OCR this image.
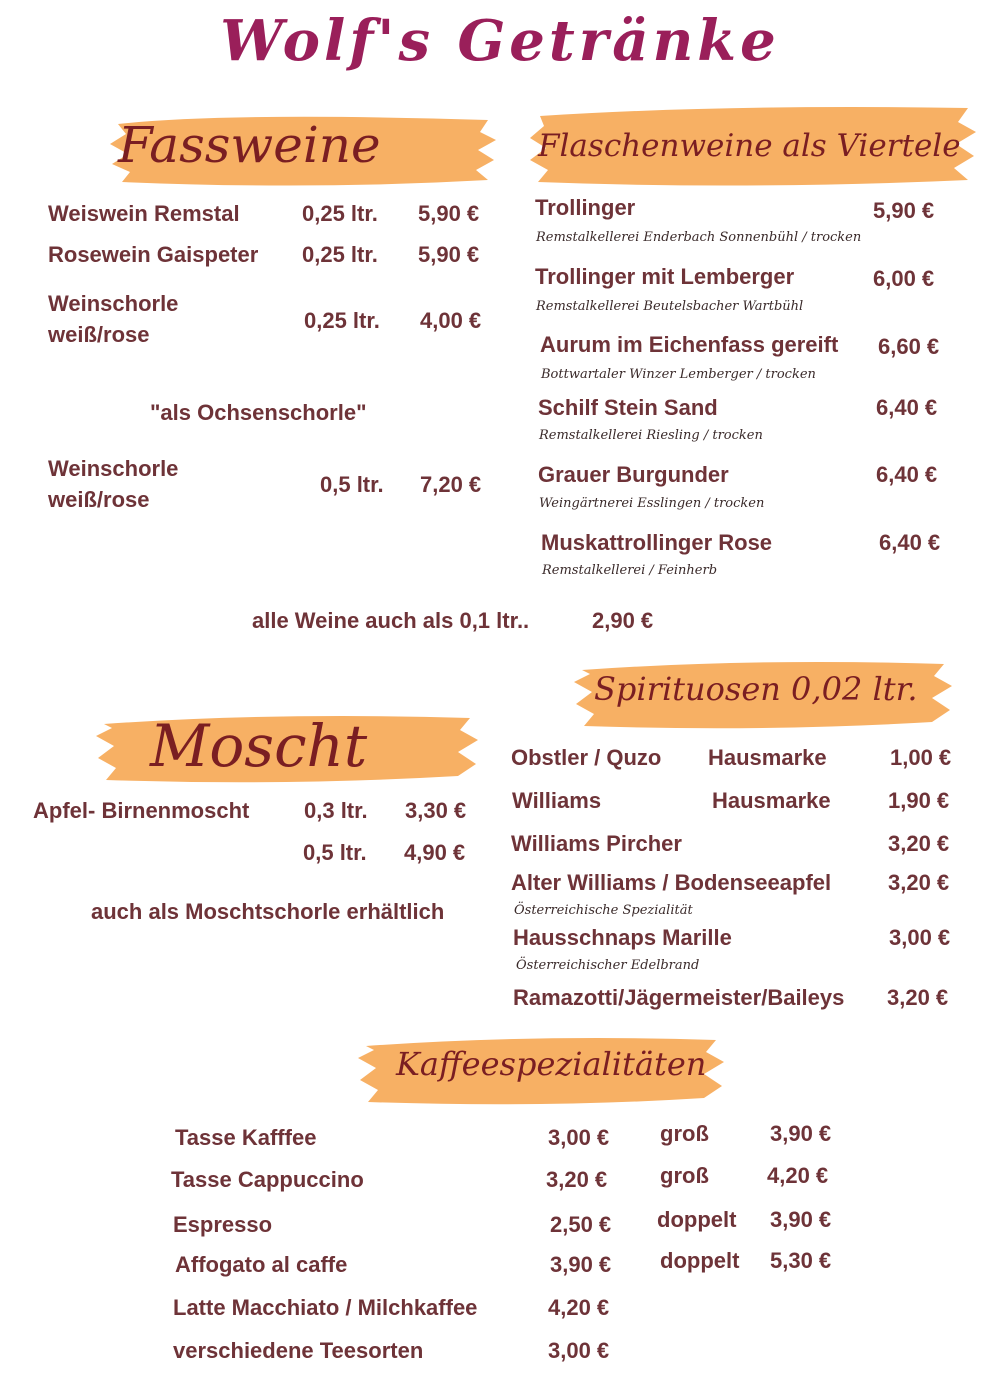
Wolf's Getränke
Fassweine
Weiswein Remstal	0,25 ltr. 5,90 €
Rosewein Gaispeter 0,25 ltr. 5,90 €
Weinschorle
weiß/rose
0,25 ltr. 4,00 €
"als Ochsenschorle"
Weinschorle
weiß/rose
0,5 ltr. 7,20 €
Flaschenweine als Viertele
Trollinger
Remstalkellerei Enderbach Sonnenbühl / trocken
5,90 €
Trollinger mit Lemberger
Remstalkellerei Beutelsbacher Wartbühl
6,00 €
Aurum im Eichenfass gereift
Bottwartaler Winzer Lemberger / trocken
6,60 €
Schilf Stein Sand
Remstalkellerei Riesling / trocken
6,40 €
Grauer Burgunder
Weingärtnerei Esslingen / trocken
6,40 €
Muskattrollinger Rose
Remstalkellerei / Feinherb
6,40 €
alle Weine auch als 0,1 ltr..	2,90 €
Spirituosen 0,02 ltr.
Obstler / Quzo Hausmarke	1,00 €
Williams	Hausmarke	1,90 €
Williams Pircher	3,20 €
Alter Williams / Bodenseeapfel
Österreichische Spezialität
3,20 €
Hausschnaps Marille
Österreichischer Edelbrand
3,00 €
Ramazotti/Jägermeister/Baileys 3,20 €
Moscht
Apfel- Birnenmoscht 0,3 ltr. 3,30 €
0,5 ltr. 4,90 €
auch als Moschtschorle erhältlich
Kaffeespezialitäten
Tasse Kafffee	3,00 € groß	3,90 €
Tasse Cappuccino	3,20 € groß	4,20 €
Espresso	2,50 € doppelt 3,90 €
Affogato al caffe	3,90 € doppelt 5,30 €
Latte Macchiato / Milchkaffee	4,20 €
verschiedene Teesorten	3,00 €
